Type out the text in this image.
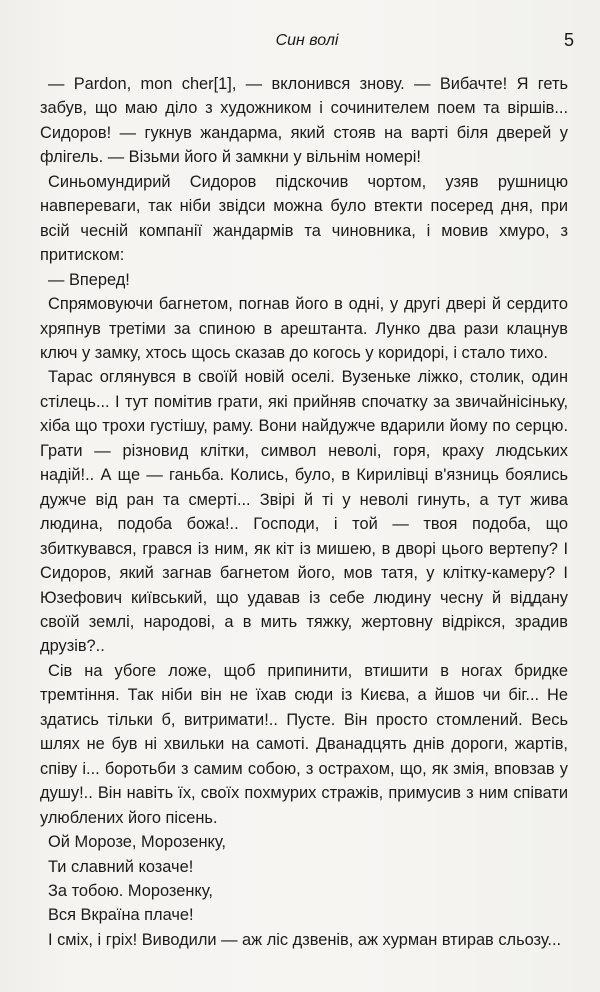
Син волі	5

— Pardon, mon cher[1], — вклонився знову. — Вибачте! Я геть забув, що маю діло з художником і сочинителем поем та віршів... Сидоров! — гукнув жандарма, який стояв на варті біля дверей у флігель. — Візьми його й замкни у вільнім номері!

Синьомундирий Сидоров підскочив чортом, узяв рушницю навпереваги, так ніби звідси можна було втекти посеред дня, при всій чесній компанії жандармів та чиновника, і мовив хмуро, з притиском:

— Вперед!

Спрямовуючи багнетом, погнав його в одні, у другі двері й сердито хряпнув третіми за спиною в арештанта. Лунко два рази клацнув ключ у замку, хтось щось сказав до когось у коридорі, і стало тихо.

Тарас оглянувся в своїй новій оселі. Вузенькe ліжко, столик, один стілець... І тут помітив грати, які прийняв спочатку за звичайнісіньку, хіба що трохи густішу, раму. Вони найдужче вдарили йому по серцю. Грати — різновид клітки, символ неволі, горя, краху людських надій!.. А ще — ганьба. Колись, було, в Кирилівці в'язниць боялись дужче від ран та смерті... Звірі й ті у неволі гинуть, а тут жива людина, подоба божа!.. Господи, і той — твоя подоба, що збиткувався, грався із ним, як кіт із мишею, в дворі цього вертепу? І Сидоров, який загнав багнетом його, мов татя, у клітку-камеру? І Юзефович київський, що удавав із себе людину чесну й віддану своїй землі, народові, а в мить тяжку, жертовну відрікся, зрадив друзів?..

Сів на убоге ложе, щоб припинити, втишити в ногах бридке тремтіння. Так ніби він не їхав сюди із Києва, а йшов чи біг... Не здатись тільки б, витримати!.. Пусте. Він просто стомлений. Весь шлях не був ні хвильки на самоті. Дванадцять днів дороги, жартів, співу і... боротьби з самим собою, з острахом, що, як змія, вповзав у душу!.. Він навіть їх, своїх похмурих стражів, примусив з ним співати улюблених його пісень.

Ой Морозе, Морозенку,

Ти славний козаче!

За тобою. Морозенку,

Вся Вкраїна плаче!

І сміх, і гріх! Виводили — аж ліс дзвенів, аж хурман втирав сльозу...
